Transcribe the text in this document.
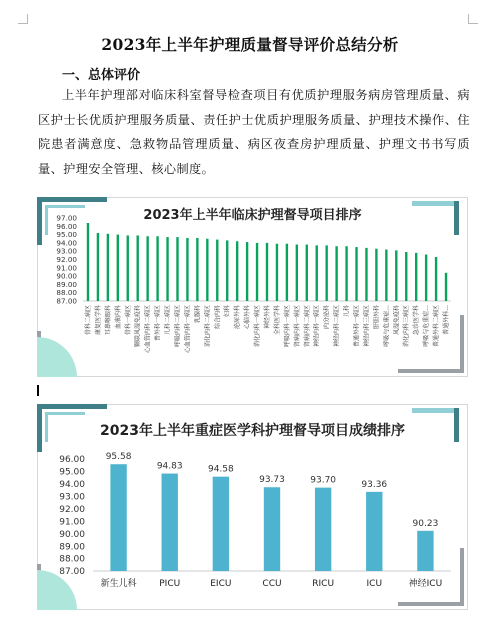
2023年上半年护理质量督导评价总结分析
一、总体评价

上半年护理部对临床科室督导检查项目有优质护理服务病房管理质量、病区护士长优质护理服务质量、责任护士优质护理服务质量、护理技术操作、住院患者满意度、急救物品管理质量、病区夜查房护理质量、护理文书书写质量、护理安全管理、核心制度。

2023年上半年临床护理督导项目排序
97.00
96.00
95.00
94.00
93.00
92.00
91.00
90.00
89.00
88.00
87.00
骨科二病区 康复医学科 耳鼻喉眼科 血液内科 骨科一病区 颗联风湿免疫科 心血管内科二病区 普外科一病区 儿科二病区 呼吸内科二病区 心血管内科一病区 乳腺科 消化内科二病区 综合内科 妇科 泌尿外科 心脑外科 消化内科一病区 神经外科 全科医学科 呼吸内科一病区 肾病内科一病区 肾病内科二病区 神经内科一病区 内分泌科 神经内科二病区 儿科 普通外科一病区 神经内科三病区 肝胆外科 呼吸与危重症... 风湿免疫科 消化内科三病区 急诊医学科 呼吸与危重症... 普通外科二病区 普通外科...
2023年上半年重症医学科护理督导项目成绩排序
96.00
95.00
94.00
93.00
92.00
91.00
90.00
89.00
88.00
87.00
95.58
新生儿科
94.83
PICU
94.58
EICU
93.73
CCU
93.70
RICU
93.36
ICU
90.23
神经ICU
